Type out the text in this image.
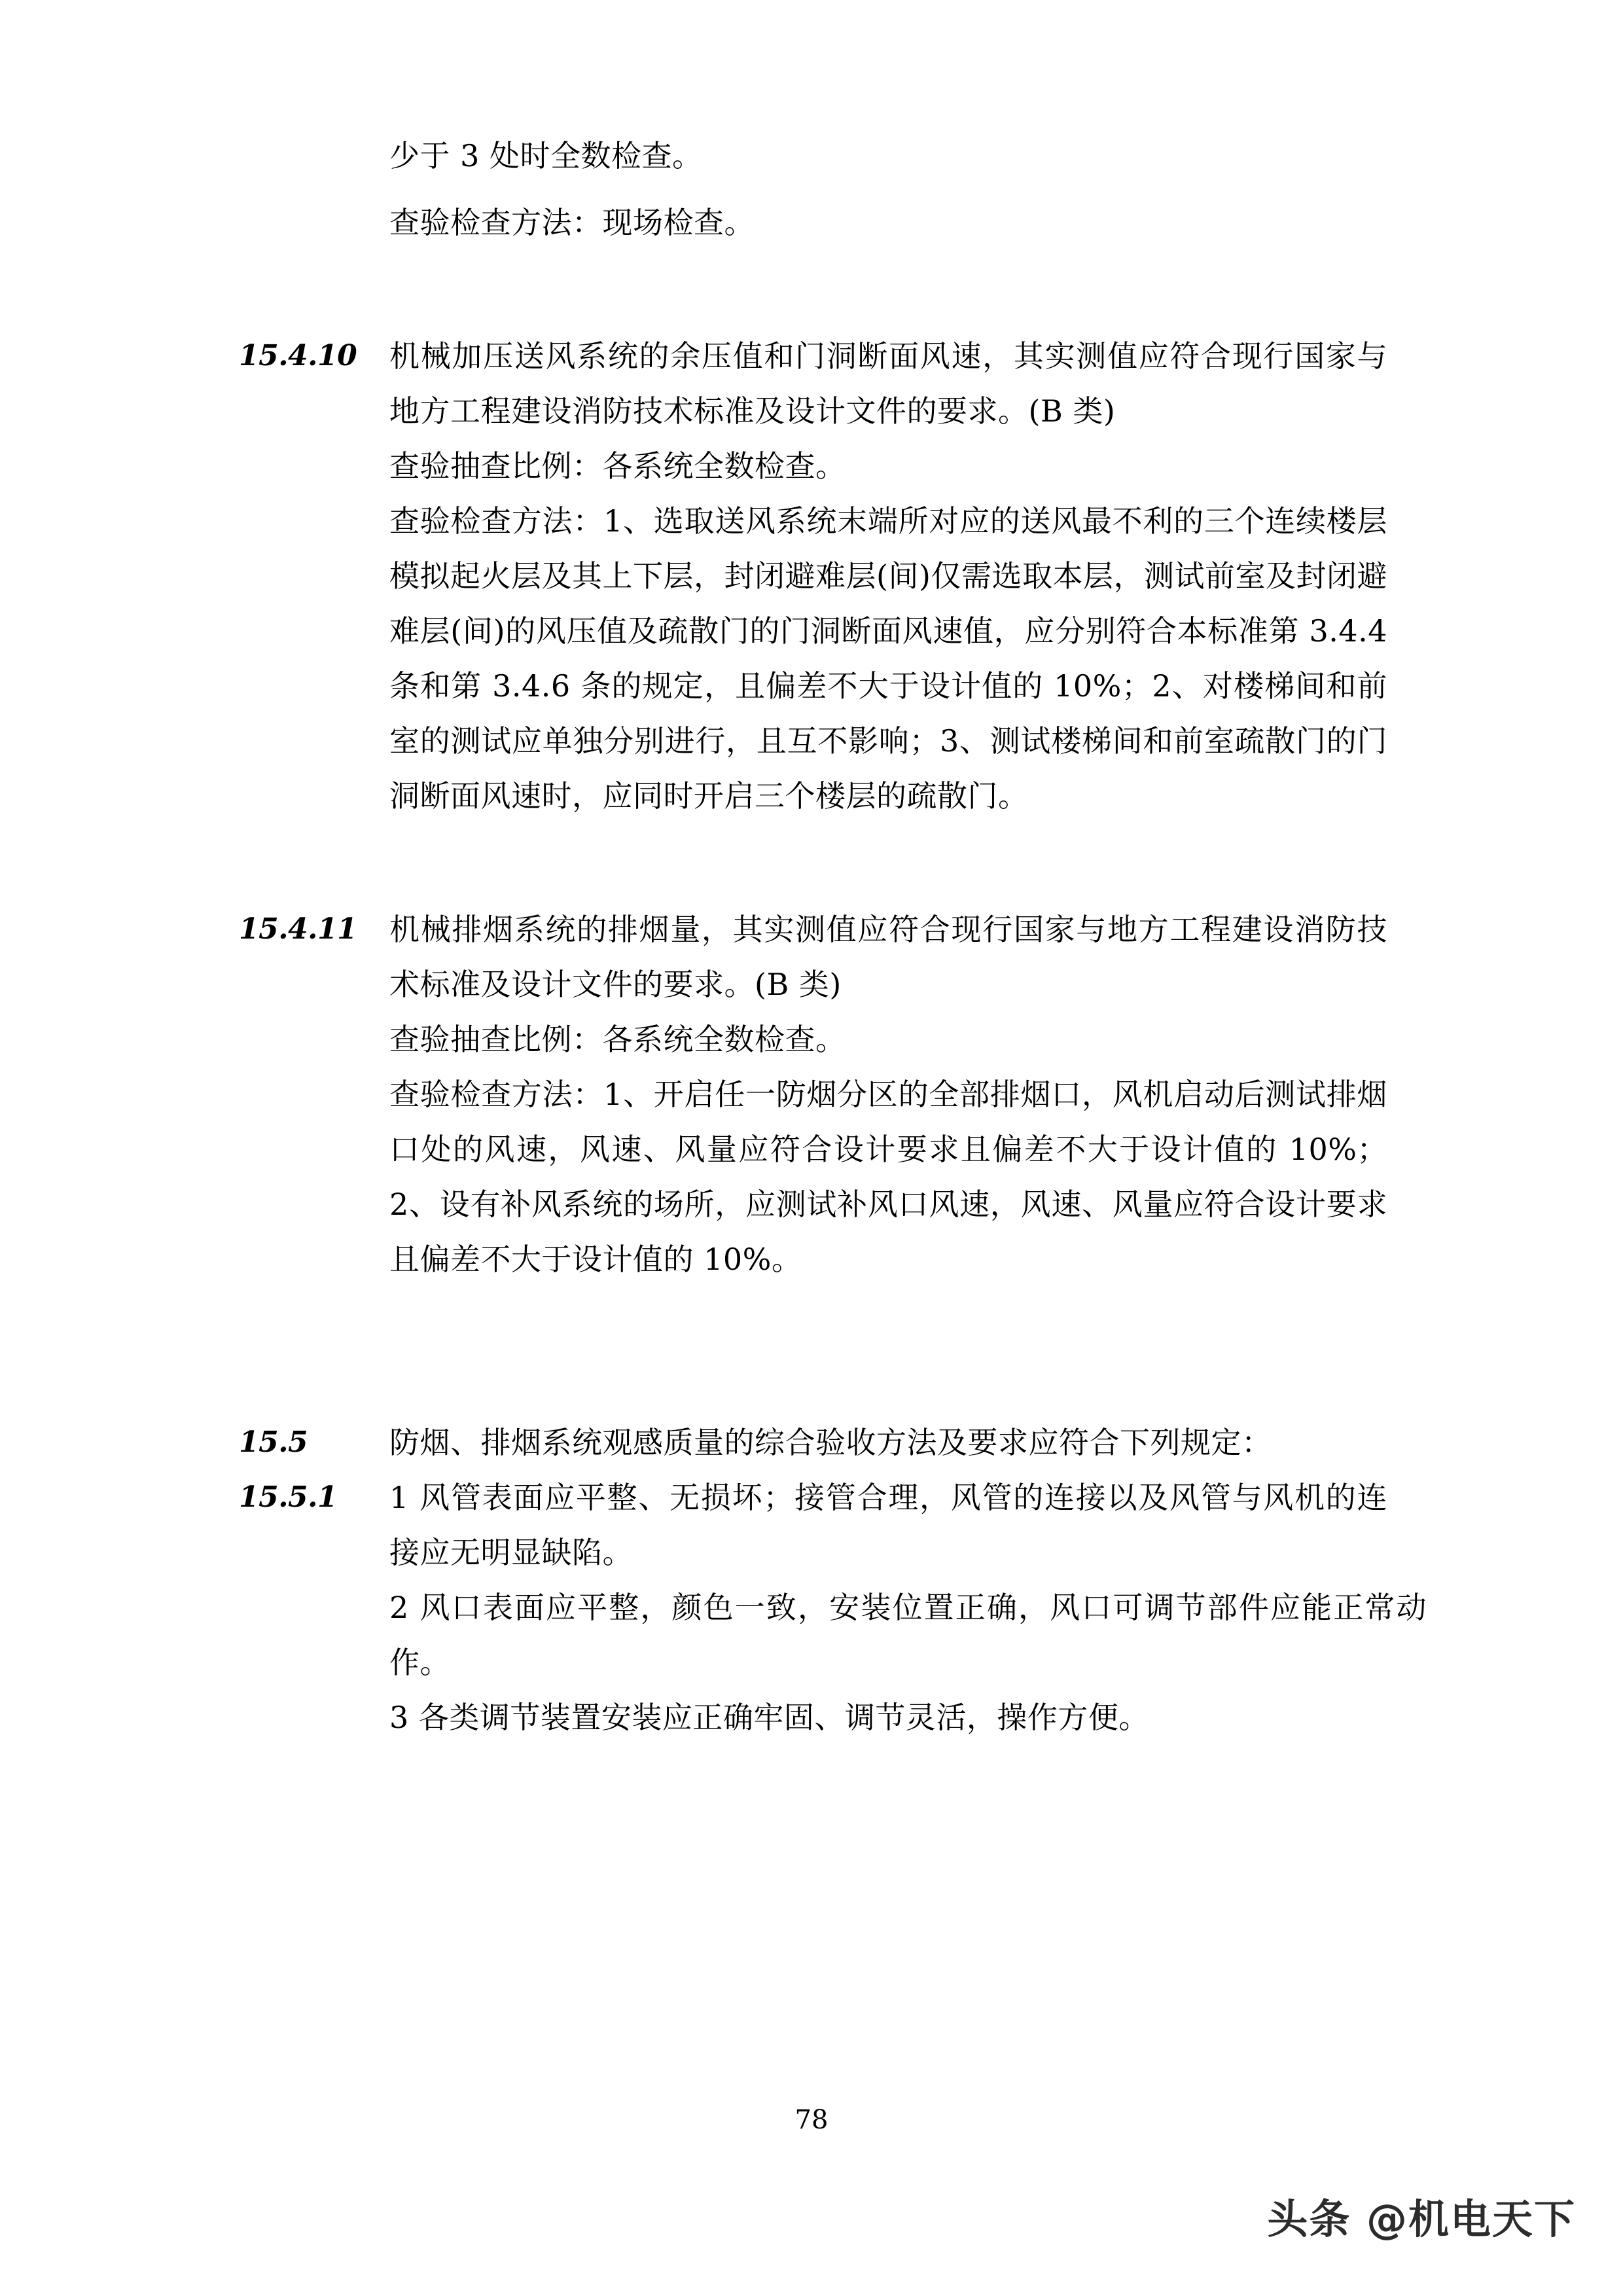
少于 3 处时全数检查。
查验检查方法：现场检查。
15.4.10	机械加压送风系统的余压值和门洞断面风速，其实测值应符合现行国家与地方工程建设消防技术标准及设计文件的要求。(B 类)
查验抽查比例：各系统全数检查。
查验检查方法：1、选取送风系统末端所对应的送风最不利的三个连续楼层模拟起火层及其上下层，封闭避难层(间)仅需选取本层，测试前室及封闭避难层(间)的风压值及疏散门的门洞断面风速值，应分别符合本标准第 3.4.4 条和第 3.4.6 条的规定，且偏差不大于设计值的 10%；2、对楼梯间和前室的测试应单独分别进行，且互不影响；3、测试楼梯间和前室疏散门的门洞断面风速时，应同时开启三个楼层的疏散门。
15.4.11	机械排烟系统的排烟量，其实测值应符合现行国家与地方工程建设消防技术标准及设计文件的要求。(B 类)
查验抽查比例：各系统全数检查。
查验检查方法：1、开启任一防烟分区的全部排烟口，风机启动后测试排烟口处的风速，风速、风量应符合设计要求且偏差不大于设计值的 10%；2、设有补风系统的场所，应测试补风口风速，风速、风量应符合设计要求且偏差不大于设计值的 10%。
15.5	防烟、排烟系统观感质量的综合验收方法及要求应符合下列规定：
15.5.1	1 风管表面应平整、无损坏；接管合理，风管的连接以及风管与风机的连接应无明显缺陷。
2 风口表面应平整，颜色一致，安装位置正确，风口可调节部件应能正常动作。
3 各类调节装置安装应正确牢固、调节灵活，操作方便。
78
头条 @机电天下
